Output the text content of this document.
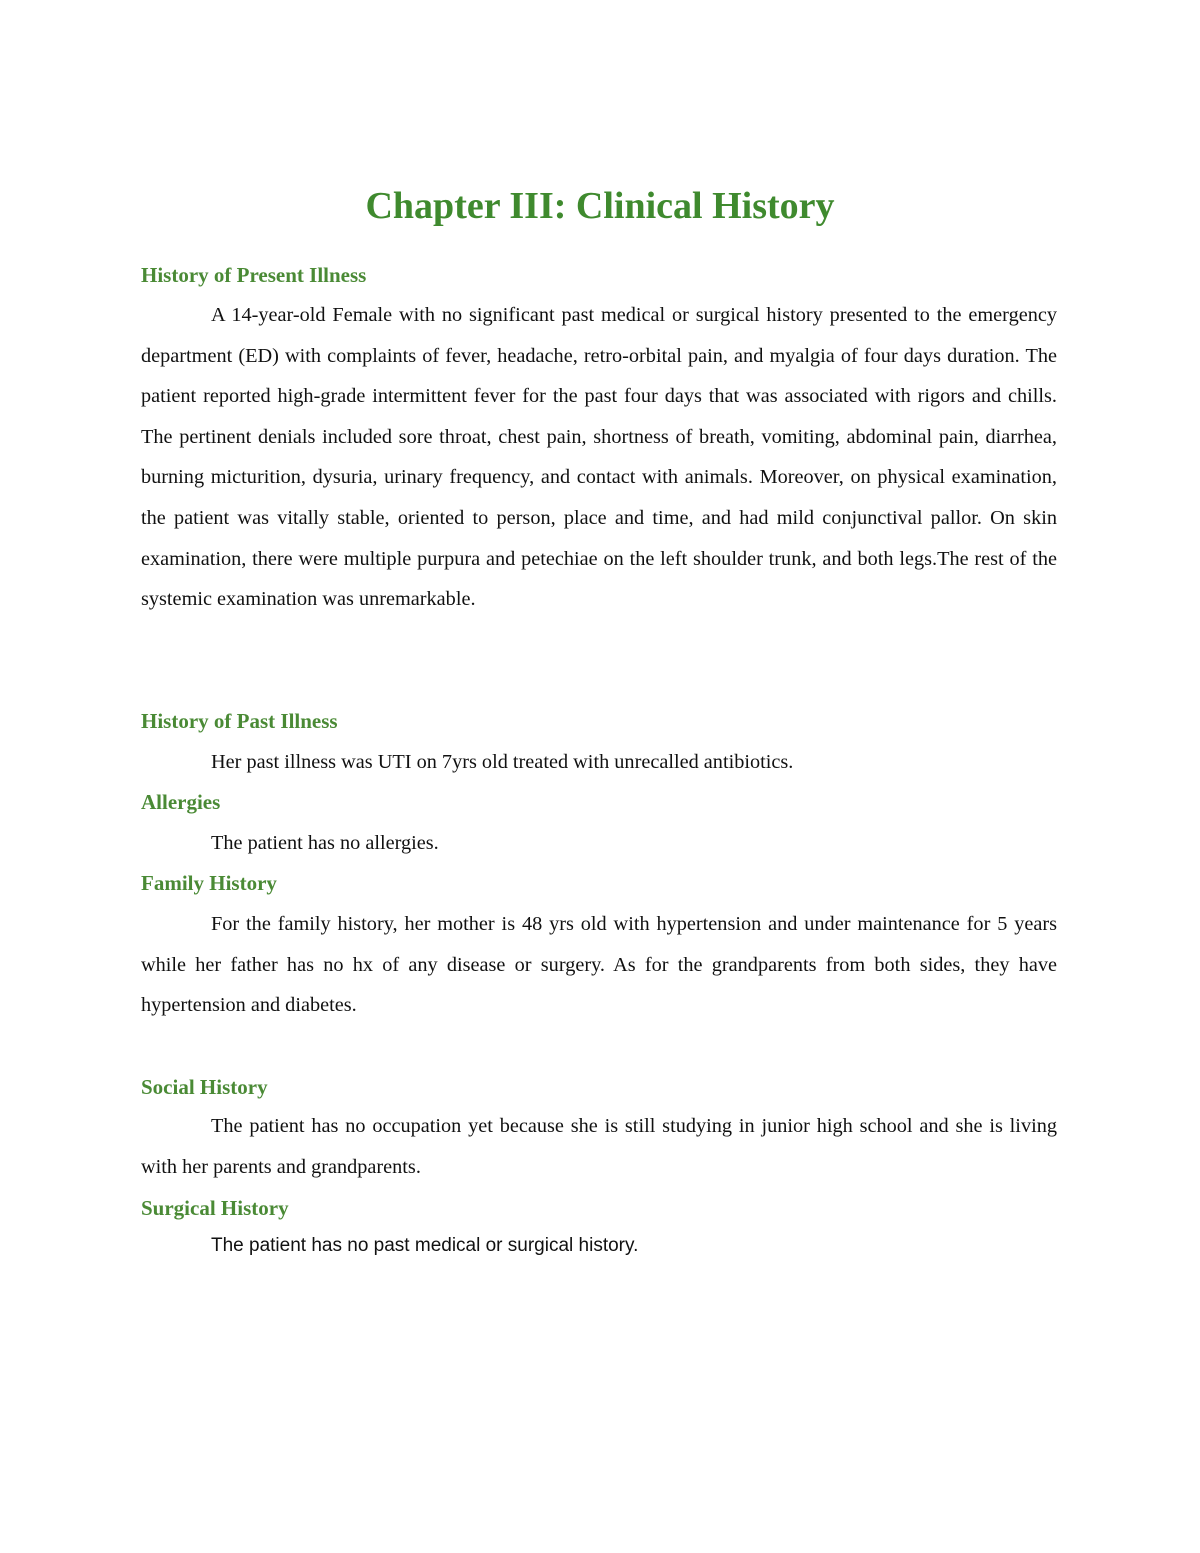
Chapter III: Clinical History
History of Present Illness

A 14-year-old Female with no significant past medical or surgical history presented to the emergency department (ED) with complaints of fever, headache, retro-orbital pain, and myalgia of four days duration. The patient reported high-grade intermittent fever for the past four days that was associated with rigors and chills. The pertinent denials included sore throat, chest pain, shortness of breath, vomiting, abdominal pain, diarrhea, burning micturition, dysuria, urinary frequency, and contact with animals. Moreover, on physical examination, the patient was vitally stable, oriented to person, place and time, and had mild conjunctival pallor. On skin examination, there were multiple purpura and petechiae on the left shoulder trunk, and both legs.The rest of the systemic examination was unremarkable.

History of Past Illness

Her past illness was UTI on 7yrs old treated with unrecalled antibiotics.

Allergies

The patient has no allergies.

Family History

For the family history, her mother is 48 yrs old with hypertension and under maintenance for 5 years while her father has no hx of any disease or surgery. As for the grandparents from both sides, they have hypertension and diabetes.

Social History

The patient has no occupation yet because she is still studying in junior high school and she is living with her parents and grandparents.

Surgical History

The patient has no past medical or surgical history.
